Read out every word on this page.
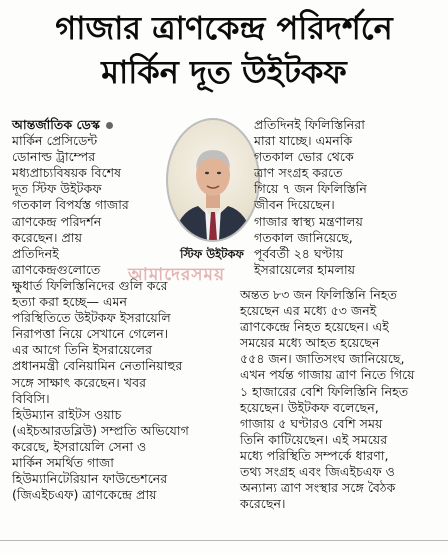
গাজার ত্রাণকেন্দ্র পরিদর্শনে
মার্কিন দূত উইটকফ
আন্তর্জাতিক ডেস্ক
মার্কিন প্রেসিডেন্ট
ডোনাল্ড ট্রাম্পের
মধ্যপ্রাচ্যবিষয়ক বিশেষ
দূত স্টিফ উইটকফ
গতকাল বিপর্যস্ত গাজার
ত্রাণকেন্দ্র পরিদর্শন
করেছেন। প্রায়
প্রতিদিনই
ত্রাণকেন্দ্রগুলোতে
ক্ষুধার্ত ফিলিস্তিনিদের গুলি করে
হত্যা করা হচ্ছে— এমন
পরিস্থিতিতে উইটকফ ইসরায়েলি
নিরাপত্তা নিয়ে সেখানে গেলেন।
এর আগে তিনি ইসরায়েলের
প্রধানমন্ত্রী বেনিয়ামিন নেতানিয়াহুর
সঙ্গে সাক্ষাৎ করেছেন। খবর
বিবিসি।
হিউম্যান রাইটস ওয়াচ
(এইচআরডব্লিউ) সম্প্রতি অভিযোগ
করেছে, ইসরায়েলি সেনা ও
মার্কিন সমর্থিত গাজা
হিউম্যানিটেরিয়ান ফাউন্ডেশনের
(জিএইচএফ) ত্রাণকেন্দ্রে প্রায়
স্টিফ উইটকফ
প্রতিদিনই ফিলিস্তিনিরা
মারা যাচ্ছে। এমনকি
গতকাল ভোর থেকে
ত্রাণ সংগ্রহ করতে
গিয়ে ৭ জন ফিলিস্তিনি
জীবন দিয়েছেন।
গাজার স্বাস্থ্য মন্ত্রণালয়
গতকাল জানিয়েছে,
পূর্ববর্তী ২৪ ঘণ্টায়
ইসরায়েলের হামলায়
আমাদেরসময়
অন্তত ৮৩ জন ফিলিস্তিনি নিহত
হয়েছেন এর মধ্যে ৫৩ জনই
ত্রাণকেন্দ্রে নিহত হয়েছেন। এই
সময়ের মধ্যে আহত হয়েছেন
৫৫৪ জন। জাতিসংঘ জানিয়েছে,
এখন পর্যন্ত গাজায় ত্রাণ নিতে গিয়ে
১ হাজারের বেশি ফিলিস্তিনি নিহত
হয়েছেন। উইটকফ বলেছেন,
গাজায় ৫ ঘণ্টারও বেশি সময়
তিনি কাটিয়েছেন। এই সময়ের
মধ্যে পরিস্থিতি সম্পর্কে ধারণা,
তথ্য সংগ্রহ এবং জিএইচএফ ও
অন্যান্য ত্রাণ সংস্থার সঙ্গে বৈঠক
করেছেন।
